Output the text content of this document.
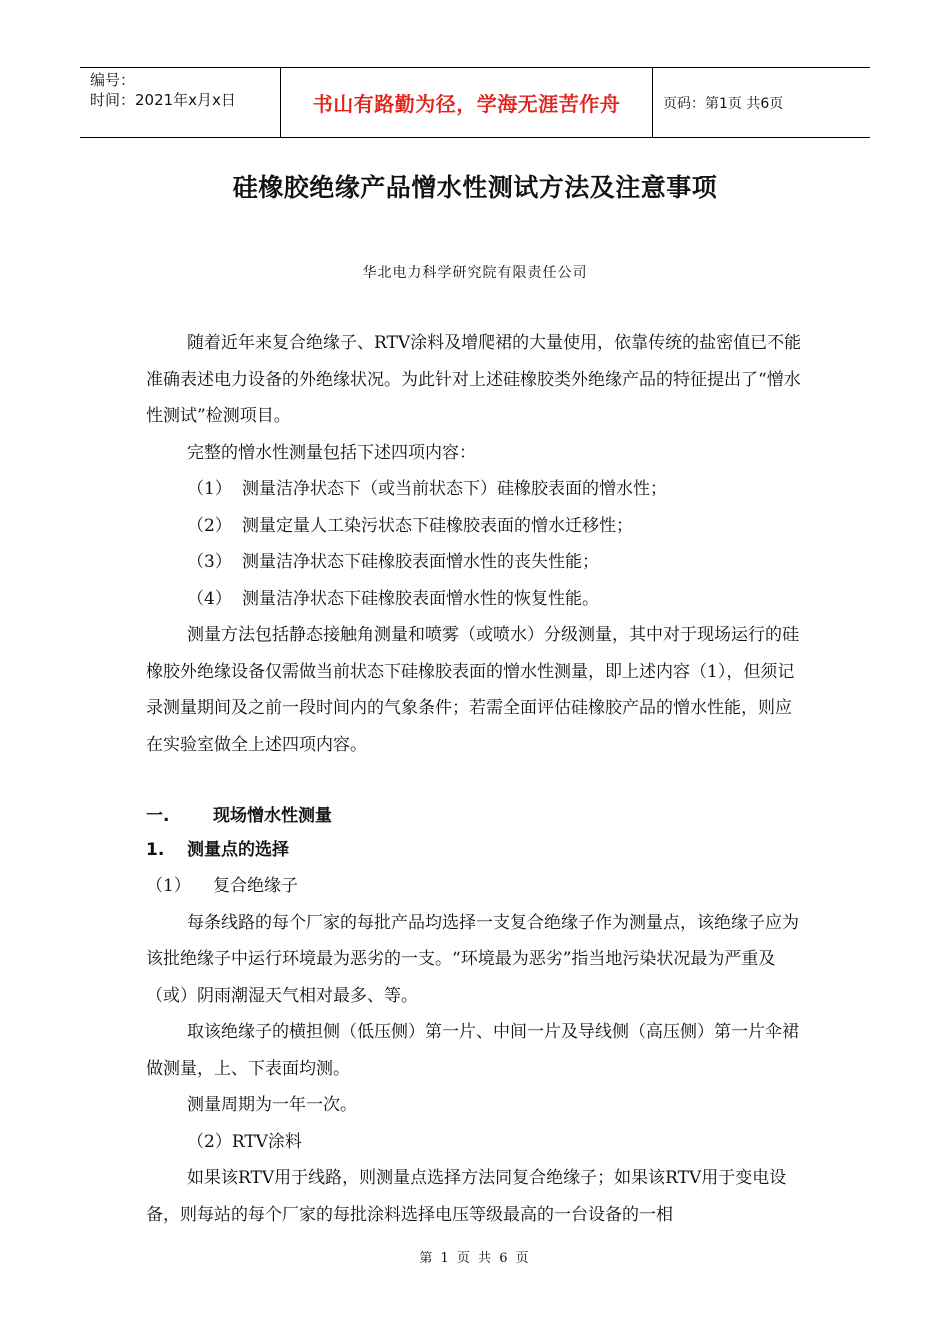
编号：
时间：2021年x月x日	书山有路勤为径，学海无涯苦作舟	页码：第1页 共6页
硅橡胶绝缘产品憎水性测试方法及注意事项
华北电力科学研究院有限责任公司

随着近年来复合绝缘子、RTV涂料及增爬裙的大量使用，依靠传统的盐密值已不能准确表述电力设备的外绝缘状况。为此针对上述硅橡胶类外绝缘产品的特征提出了“憎水性测试”检测项目。

完整的憎水性测量包括下述四项内容：

（1） 测量洁净状态下（或当前状态下）硅橡胶表面的憎水性；

（2） 测量定量人工染污状态下硅橡胶表面的憎水迁移性；

（3） 测量洁净状态下硅橡胶表面憎水性的丧失性能；

（4） 测量洁净状态下硅橡胶表面憎水性的恢复性能。

测量方法包括静态接触角测量和喷雾（或喷水）分级测量，其中对于现场运行的硅橡胶外绝缘设备仅需做当前状态下硅橡胶表面的憎水性测量，即上述内容（1），但须记录测量期间及之前一段时间内的气象条件；若需全面评估硅橡胶产品的憎水性能，则应在实验室做全上述四项内容。

一.	现场憎水性测量

1. 测量点的选择

（1） 复合绝缘子

每条线路的每个厂家的每批产品均选择一支复合绝缘子作为测量点，该绝缘子应为该批绝缘子中运行环境最为恶劣的一支。“环境最为恶劣”指当地污染状况最为严重及（或）阴雨潮湿天气相对最多、等。

取该绝缘子的横担侧（低压侧）第一片、中间一片及导线侧（高压侧）第一片伞裙做测量，上、下表面均测。

测量周期为一年一次。

（2）RTV涂料

如果该RTV用于线路，则测量点选择方法同复合绝缘子；如果该RTV用于变电设备，则每站的每个厂家的每批涂料选择电压等级最高的一台设备的一相

第 1 页 共 6 页
